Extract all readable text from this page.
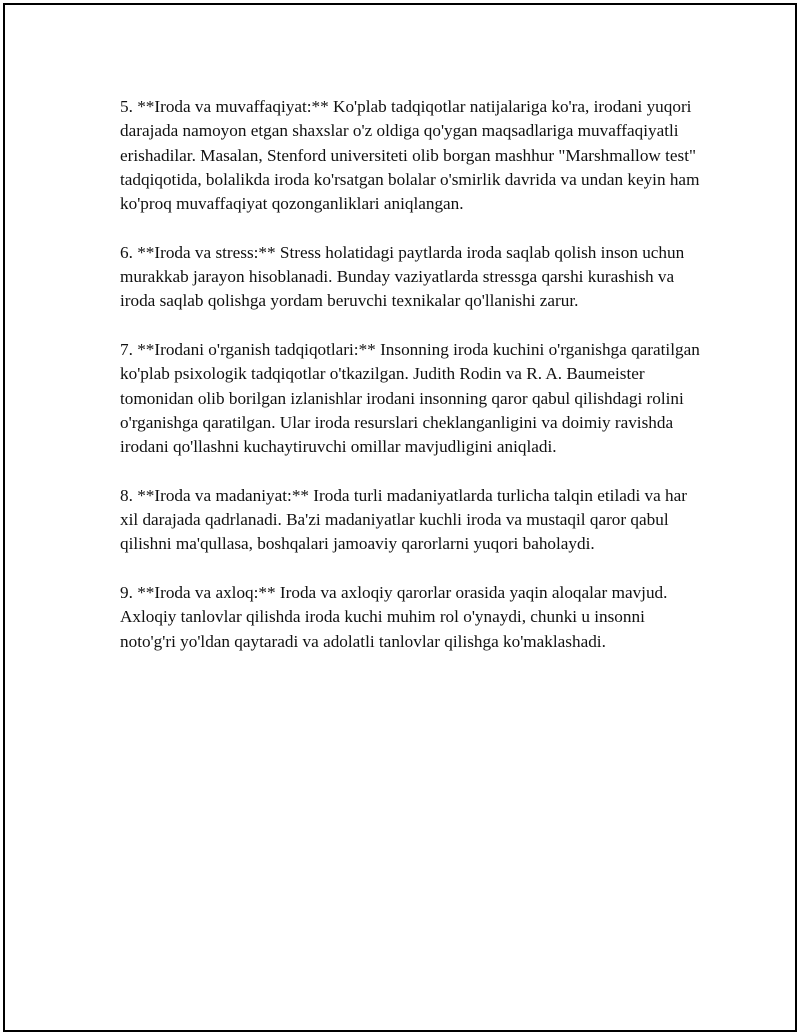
5. **Iroda va muvaffaqiyat:** Ko'plab tadqiqotlar natijalariga ko'ra, irodani yuqori darajada namoyon etgan shaxslar o'z oldiga qo'ygan maqsadlariga muvaffaqiyatli erishadilar. Masalan, Stenford universiteti olib borgan mashhur "Marshmallow test" tadqiqotida, bolalikda iroda ko'rsatgan bolalar o'smirlik davrida va undan keyin ham ko'proq muvaffaqiyat qozonganliklari aniqlangan.

6. **Iroda va stress:** Stress holatidagi paytlarda iroda saqlab qolish inson uchun murakkab jarayon hisoblanadi. Bunday vaziyatlarda stressga qarshi kurashish va iroda saqlab qolishga yordam beruvchi texnikalar qo'llanishi zarur.

7. **Irodani o'rganish tadqiqotlari:** Insonning iroda kuchini o'rganishga qaratilgan ko'plab psixologik tadqiqotlar o'tkazilgan. Judith Rodin va R. A. Baumeister tomonidan olib borilgan izlanishlar irodani insonning qaror qabul qilishdagi rolini o'rganishga qaratilgan. Ular iroda resurslari cheklanganligini va doimiy ravishda irodani qo'llashni kuchaytiruvchi omillar mavjudligini aniqladi.

8. **Iroda va madaniyat:** Iroda turli madaniyatlarda turlicha talqin etiladi va har xil darajada qadrlanadi. Ba'zi madaniyatlar kuchli iroda va mustaqil qaror qabul qilishni ma'qullasa, boshqalari jamoaviy qarorlarni yuqori baholaydi.

9. **Iroda va axloq:** Iroda va axloqiy qarorlar orasida yaqin aloqalar mavjud. Axloqiy tanlovlar qilishda iroda kuchi muhim rol o'ynaydi, chunki u insonni noto'g'ri yo'ldan qaytaradi va adolatli tanlovlar qilishga ko'maklashadi.
